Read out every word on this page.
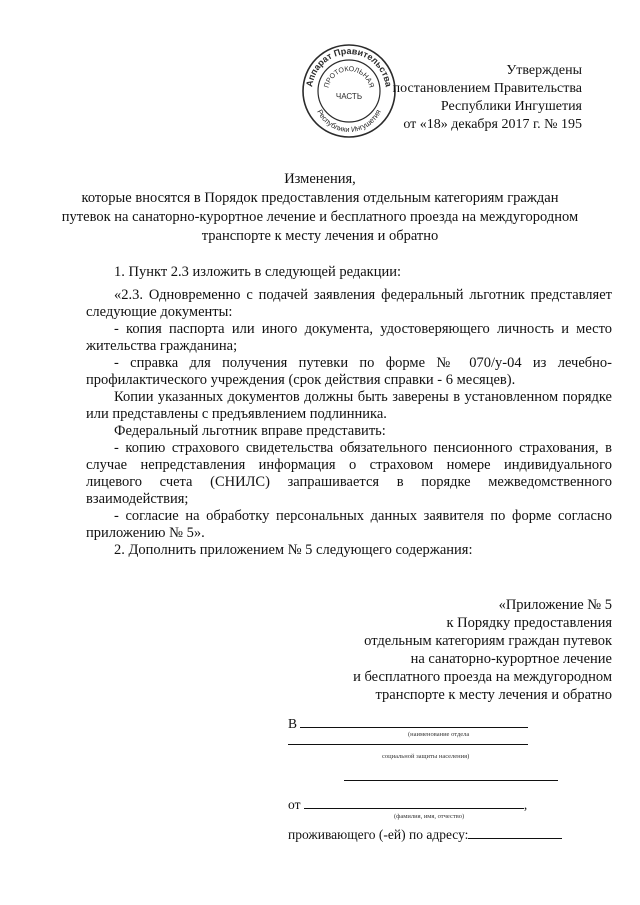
Аппарат Правительства
Республики Ингушетия
ПРОТОКОЛЬНАЯ
ЧАСТЬ
Утверждены
постановлением Правительства
Республики Ингушетия
от «18» декабря 2017 г. № 195
Изменения,
которые вносятся в Порядок предоставления отдельным категориям граждан
путевок на санаторно-курортное лечение и бесплатного проезда на междугородном
транспорте к месту лечения и обратно
1. Пункт 2.3 изложить в следующей редакции:
«2.3. Одновременно с подачей заявления федеральный льготник представляет следующие документы:
- копия паспорта или иного документа, удостоверяющего личность и место жительства гражданина;
- справка для получения путевки по форме № 070/у-04 из лечебно-профилактического учреждения (срок действия справки - 6 месяцев).
Копии указанных документов должны быть заверены в установленном порядке или представлены с предъявлением подлинника.
Федеральный льготник вправе представить:
- копию страхового свидетельства обязательного пенсионного страхования, в случае непредставления информация о страховом номере индивидуального лицевого счета (СНИЛС) запрашивается в порядке межведомственного взаимодействия;
- согласие на обработку персональных данных заявителя по форме согласно приложению № 5».
2. Дополнить приложением № 5 следующего содержания:
«Приложение № 5
к Порядку предоставления
отдельным категориям граждан путевок
на санаторно-курортное лечение
и бесплатного проезда на междугородном
транспорте к месту лечения и обратно
В
(наименование отдела
социальной защиты населения)
от	,
(фамилия, имя, отчество)
проживающего (-ей) по адресу:
